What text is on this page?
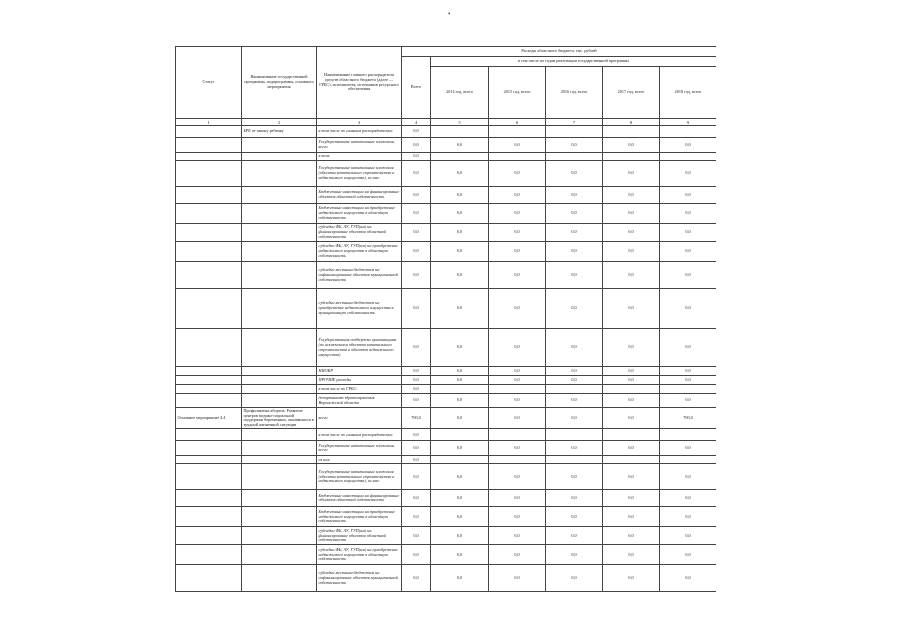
•
Статус	Наименование государственной программы, подпрограммы, основного мероприятия	Наименование главного распорядителя средств областного бюджета (далее — ГРБС), исполнителя, источников ресурсного обеспечения	Расходы областного бюджета, тыс. рублей					
			Всего	в том числе по годам реализации государственной программы				
				2014 год, всего	2015 год, всего	2016 год, всего	2017 год, всего	2018 год, всего
1	2	3	4	5	6	7	8	9
	БРЕ от закону ребенку	в том числе по главным распорядителям:	0,0					
		Государственные капитальные вложения, всего	0,0	0,0	0,0	0,0	0,0	0,0
		в том:	0,0					
		Государственные капитальные вложения (объекты капитального строительства и недвижимого имущества), из них:	0,0	0,0	0,0	0,0	0,0	0,0
		Бюджетные инвестиции на финансирование объектов областной собственности	0,0	0,0	0,0	0,0	0,0	0,0
		Бюджетные инвестиции на приобретение недвижимого имущества в областную собственность	0,0	0,0	0,0	0,0	0,0	0,0
		субсидии ФБ, АУ, ГУП(ам) на финансирование объектов областной собственности	0,0	0,0	0,0	0,0	0,0	0,0
		субсидии ФБ, АУ, ГУП(ам) на приобретение недвижимого имущества в областную собственность	0,0	0,0	0,0	0,0	0,0	0,0
		субсидии местным бюджетам на софинансирование объектов муниципальной собственности	0,0	0,0	0,0	0,0	0,0	0,0
		субсидии местным бюджетам на приобретение недвижимого имущества в муниципальную собственность	0,0	0,0	0,0	0,0	0,0	0,0
		Государственная поддержка организациям (за исключением объектов капитального строительства и объектов недвижимого имущества)	0,0	0,0	0,0	0,0	0,0	0,0
		НИОКР	0,0	0,0	0,0	0,0	0,0	0,0
		ПРОЧИЕ расходы	0,0	0,0	0,0	0,0	0,0	0,0
		в том числе по ГРБС:	0,0					
		департамент здравоохранения Воронежской области	0,0	0,0	0,0	0,0	0,0	0,0
Основное мероприятие 4.4	Профилактика абортов. Развитие центров медико-социальной поддержки беременных, оказавшихся в трудной жизненной ситуации	всего	700,0	0,0	0,0	0,0	0,0	700,0
		в том числе по главным распорядителям:	0,0					
		Государственные капитальные вложения, всего	0,0	0,0	0,0	0,0	0,0	0,0
		из них:	0,0					
		Государственные капитальные вложения (объекты капитального строительства и недвижимого имущества), из них:	0,0	0,0	0,0	0,0	0,0	0,0
		Бюджетные инвестиции на финансирование объектов областной собственности	0,0	0,0	0,0	0,0	0,0	0,0
		Бюджетные инвестиции на приобретение недвижимого имущества в областную собственность	0,0	0,0	0,0	0,0	0,0	0,0
		субсидии ФБ, АУ, ГУП(ам) на финансирование объектов областной собственности	0,0	0,0	0,0	0,0	0,0	0,0
		субсидии ФБ, АУ, ГУП(ам) на приобретение недвижимого имущества в областную собственность	0,0	0,0	0,0	0,0	0,0	0,0
		субсидии местным бюджетам на софинансирование объектов муниципальной собственности	0,0	0,0	0,0	0,0	0,0	0,0
